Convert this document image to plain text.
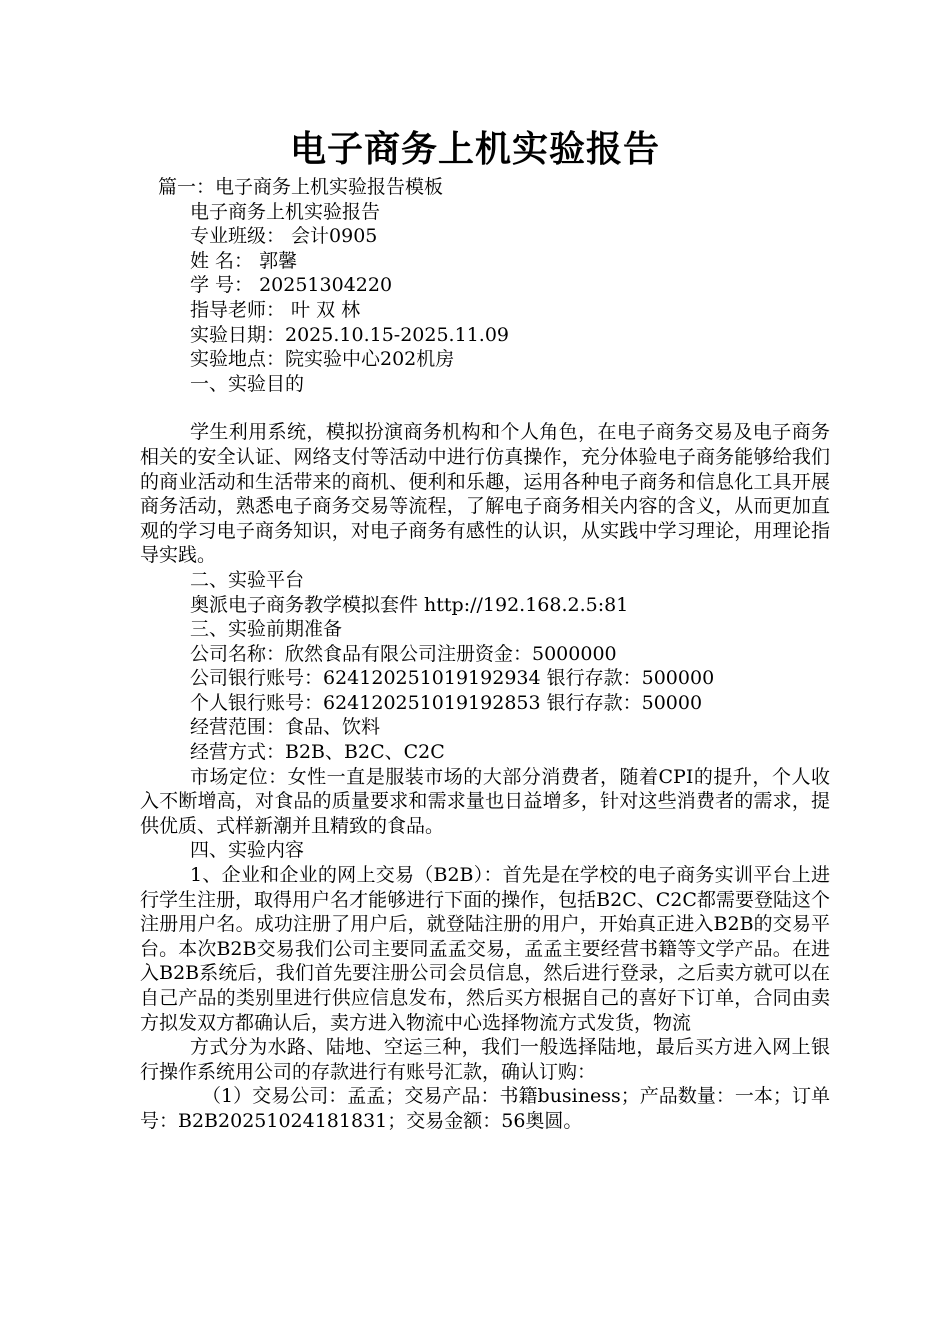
电子商务上机实验报告
篇一：电子商务上机实验报告模板
电子商务上机实验报告
专业班级： 会计0905
姓 名： 郭馨
学 号： 20251304220
指导老师： 叶 双 林
实验日期：2025.10.15-2025.11.09
实验地点：院实验中心202机房
一、实验目的
学生利用系统，模拟扮演商务机构和个人角色，在电子商务交易及电子商务相关的安全认证、网络支付等活动中进行仿真操作，充分体验电子商务能够给我们的商业活动和生活带来的商机、便利和乐趣，运用各种电子商务和信息化工具开展商务活动，熟悉电子商务交易等流程，了解电子商务相关内容的含义，从而更加直观的学习电子商务知识，对电子商务有感性的认识，从实践中学习理论，用理论指导实践。
二、实验平台
奥派电子商务教学模拟套件 http://192.168.2.5:81
三、实验前期准备
公司名称：欣然食品有限公司注册资金：5000000
公司银行账号：624120251019192934 银行存款：500000
个人银行账号：624120251019192853 银行存款：50000
经营范围：食品、饮料
经营方式：B2B、B2C、C2C
市场定位：女性一直是服装市场的大部分消费者，随着CPI的提升，个人收入不断增高，对食品的质量要求和需求量也日益增多，针对这些消费者的需求，提供优质、式样新潮并且精致的食品。
四、实验内容
1、企业和企业的网上交易（B2B）：首先是在学校的电子商务实训平台上进行学生注册，取得用户名才能够进行下面的操作，包括B2C、C2C都需要登陆这个注册用户名。成功注册了用户后，就登陆注册的用户，开始真正进入B2B的交易平台。本次B2B交易我们公司主要同孟孟交易，孟孟主要经营书籍等文学产品。在进入B2B系统后，我们首先要注册公司会员信息，然后进行登录，之后卖方就可以在自己产品的类别里进行供应信息发布，然后买方根据自己的喜好下订单，合同由卖方拟发双方都确认后，卖方进入物流中心选择物流方式发货，物流
方式分为水路、陆地、空运三种，我们一般选择陆地，最后买方进入网上银行操作系统用公司的存款进行有账号汇款，确认订购：
（1）交易公司：孟孟；交易产品：书籍business；产品数量：一本；订单号：B2B20251024181831；交易金额：56奥圆。
